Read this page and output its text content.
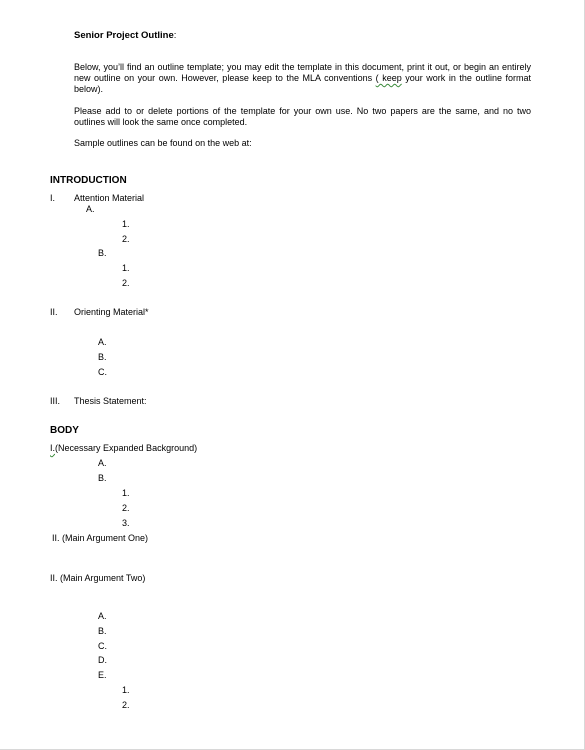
Senior Project Outline:
Below, you’ll find an outline template; you may edit the template in this document, print it out, or begin an entirely new outline on your own. However, please keep to the MLA conventions ( keep your work in the outline format below).
Please add to or delete portions of the template for your own use. No two papers are the same, and no two outlines will look the same once completed.
Sample outlines can be found on the web at:
INTRODUCTION
I. Attention Material
A.
1.
2.
B.
1.
2.
II. Orienting Material*
A.
B.
C.
III. Thesis Statement:
BODY
I.(Necessary Expanded Background)
A.
B.
1.
2.
3.
II. (Main Argument One)
II. (Main Argument Two)
A.
B.
C.
D.
E.
1.
2.
